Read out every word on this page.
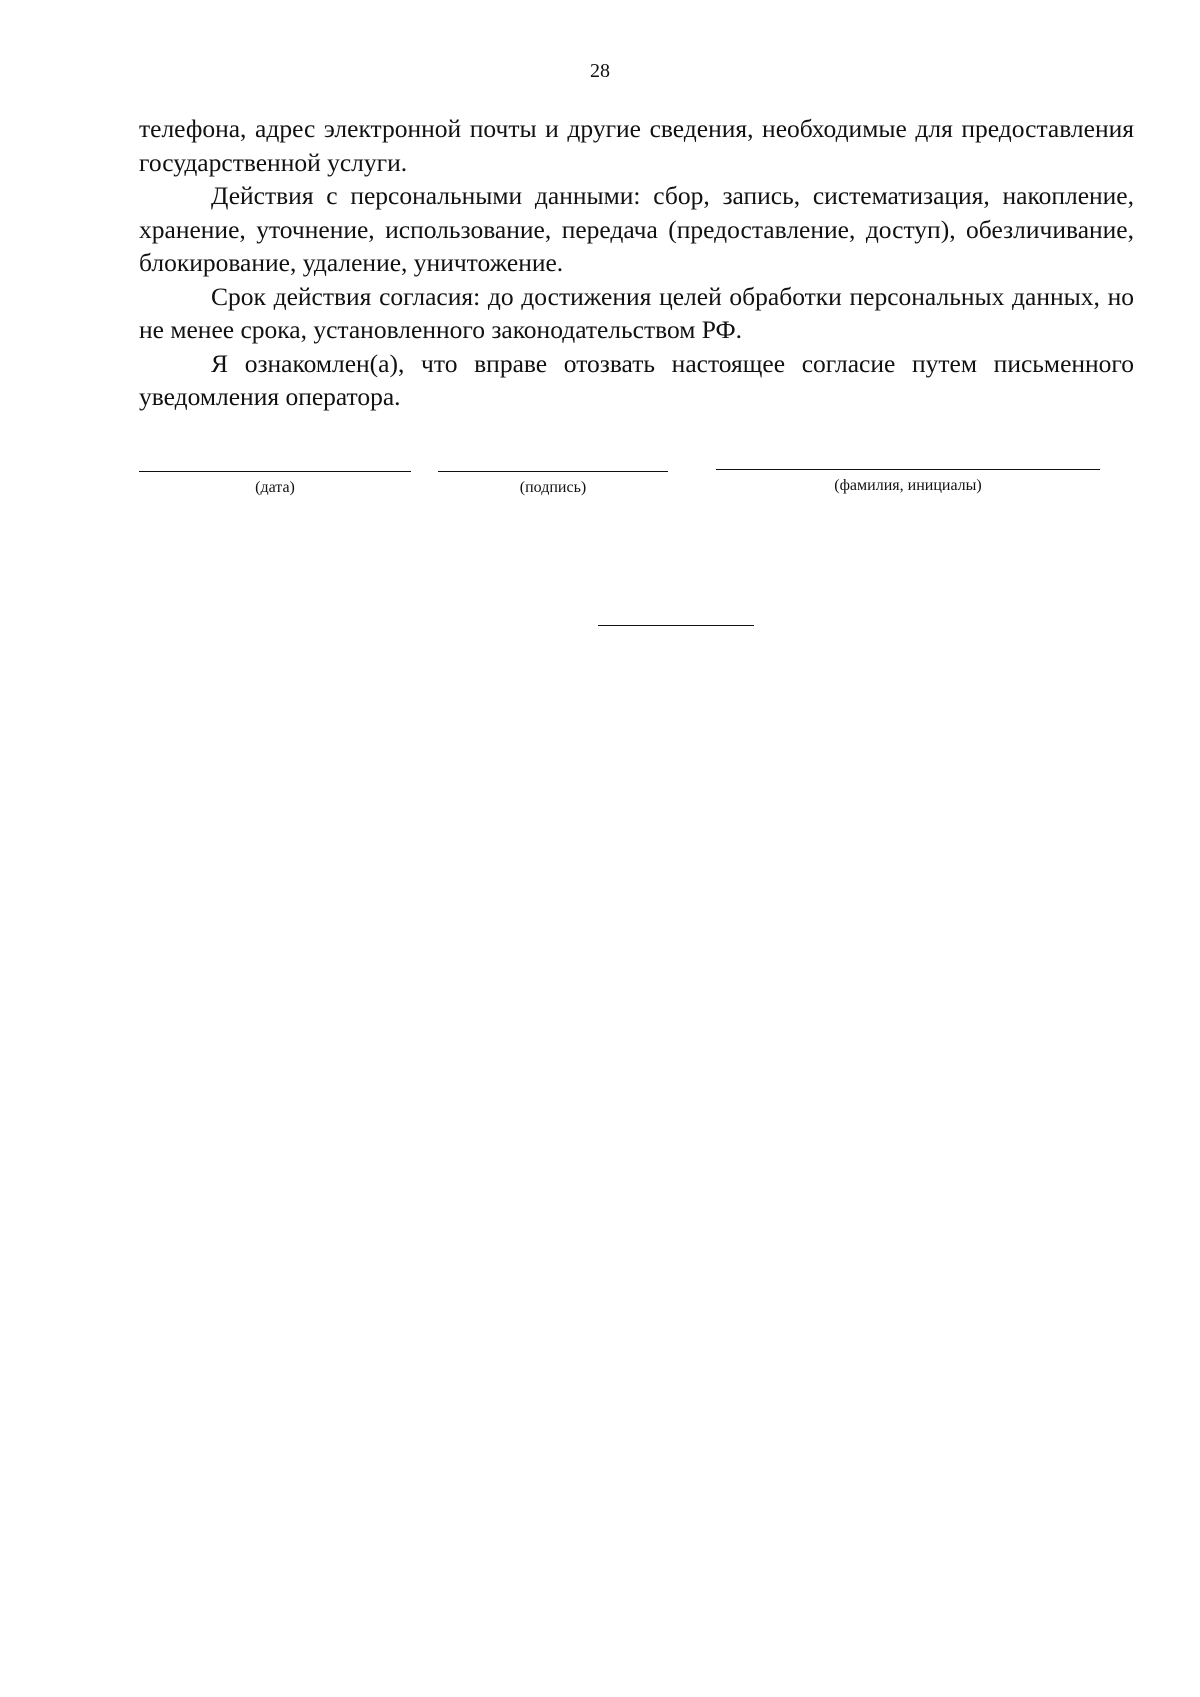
28

телефона, адрес электронной почты и другие сведения, необходимые для предоставления государственной услуги.

Действия с персональными данными: сбор, запись, систематизация, накопление, хранение, уточнение, использование, передача (предоставление, доступ), обезличивание, блокирование, удаление, уничтожение.

Срок действия согласия: до достижения целей обработки персональных данных, но не менее срока, установленного законодательством РФ.

Я ознакомлен(а), что вправе отозвать настоящее согласие путем письменного уведомления оператора.

(дата)	(подпись)	(фамилия, инициалы)
